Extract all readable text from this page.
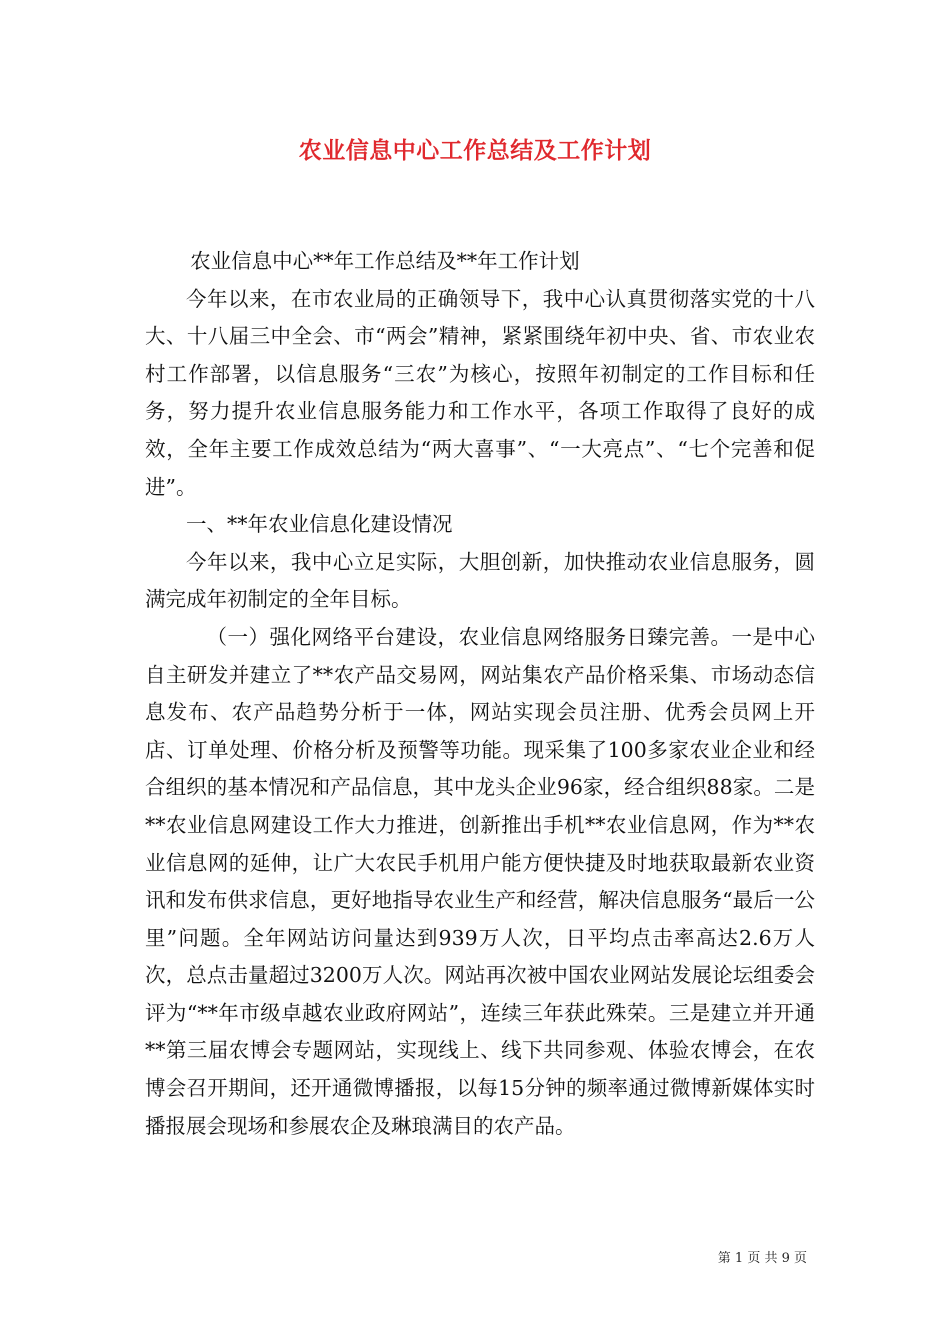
农业信息中心工作总结及工作计划

农业信息中心**年工作总结及**年工作计划

今年以来，在市农业局的正确领导下，我中心认真贯彻落实党的十八大、十八届三中全会、市“两会”精神，紧紧围绕年初中央、省、市农业农村工作部署，以信息服务“三农”为核心，按照年初制定的工作目标和任务，努力提升农业信息服务能力和工作水平，各项工作取得了良好的成效，全年主要工作成效总结为“两大喜事”、“一大亮点”、“七个完善和促进”。

一、**年农业信息化建设情况

今年以来，我中心立足实际，大胆创新，加快推动农业信息服务，圆满完成年初制定的全年目标。

（一）强化网络平台建设，农业信息网络服务日臻完善。一是中心自主研发并建立了**农产品交易网，网站集农产品价格采集、市场动态信息发布、农产品趋势分析于一体，网站实现会员注册、优秀会员网上开店、订单处理、价格分析及预警等功能。现采集了100多家农业企业和经合组织的基本情况和产品信息，其中龙头企业96家，经合组织88家。二是**农业信息网建设工作大力推进，创新推出手机**农业信息网，作为**农业信息网的延伸，让广大农民手机用户能方便快捷及时地获取最新农业资讯和发布供求信息，更好地指导农业生产和经营，解决信息服务“最后一公里”问题。全年网站访问量达到939万人次，日平均点击率高达2.6万人次，总点击量超过3200万人次。网站再次被中国农业网站发展论坛组委会评为“**年市级卓越农业政府网站”，连续三年获此殊荣。三是建立并开通**第三届农博会专题网站，实现线上、线下共同参观、体验农博会，在农博会召开期间，还开通微博播报，以每15分钟的频率通过微博新媒体实时播报展会现场和参展农企及琳琅满目的农产品。

第 1 页 共 9 页
